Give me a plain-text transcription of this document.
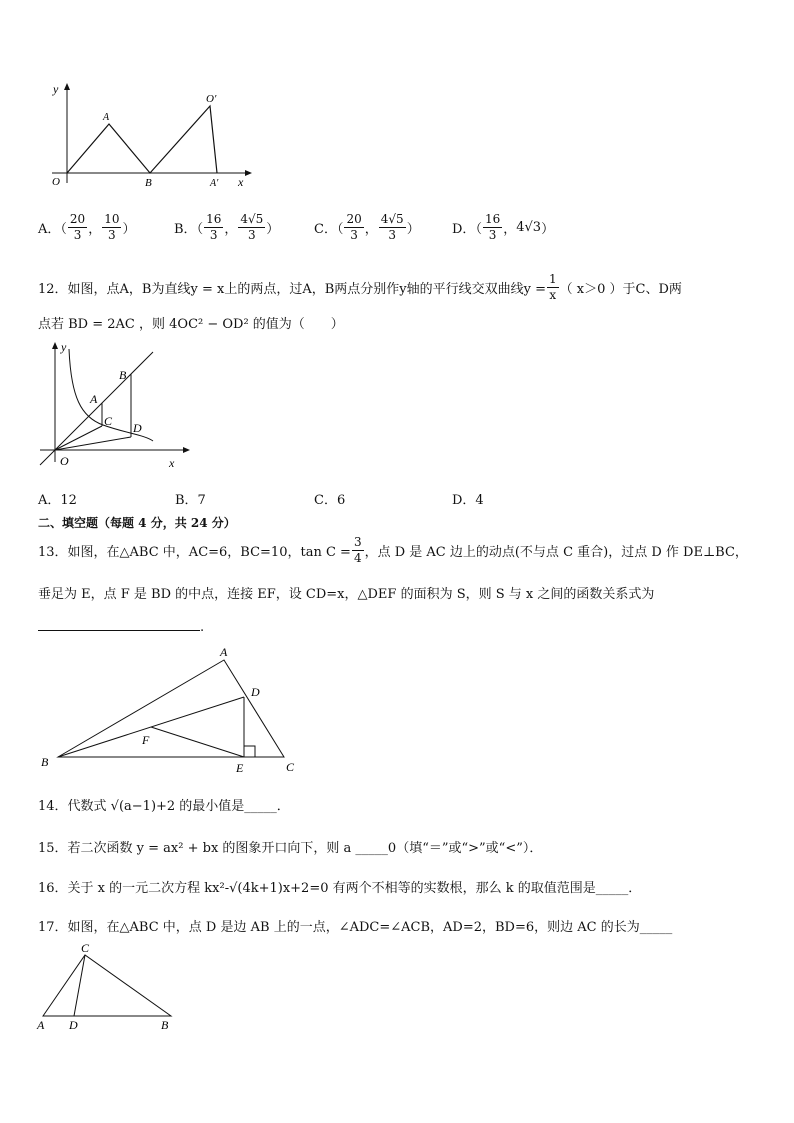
y
x
O
A
B
O′
A′
A．（ $\frac{20}{3}$ ， $\frac{10}{3}$ ）	B．（ $\frac{16}{3}$ ， $\frac{4√5}{3}$ ）	C．（ $\frac{20}{3}$ ， $\frac{4√5}{3}$ ）	D．（ $\frac{16}{3}$ ，4√3）
12．如图，点A，B为直线y = x上的两点，过A，B两点分别作y轴的平行线交双曲线$y = \frac{1}{x}$ （ x＞0 ）于C、D两
点若 BD = 2AC ，则 4OC² − OD² 的值为（　　）
y
x
O
A
B
C D
A．12	B．7	C．6	D．4
二、填空题（每题 4 分，共 24 分）
13．如图，在△ABC 中，AC=6，BC=10，$\tan C = \frac{3}{4}$ ，点 D 是 AC 边上的动点(不与点 C 重合)，过点 D 作 DE⊥BC，
垂足为 E，点 F 是 BD 的中点，连接 EF，设 CD=x，△DEF 的面积为 S，则 S 与 x 之间的函数关系式为
.
A
B	C
D
E
F
14．代数式 √(a−1)+2 的最小值是_____．
15．若二次函数 y = ax² + bx 的图象开口向下，则 a _____0（填“＝”或“>”或“<”）．
16．关于 x 的一元二次方程 kx²-√(4k+1)x+2=0 有两个不相等的实数根，那么 k 的取值范围是_____．
17．如图，在△ABC 中，点 D 是边 AB 上的一点，∠ADC=∠ACB，AD=2，BD=6，则边 AC 的长为_____
C
A D	B
